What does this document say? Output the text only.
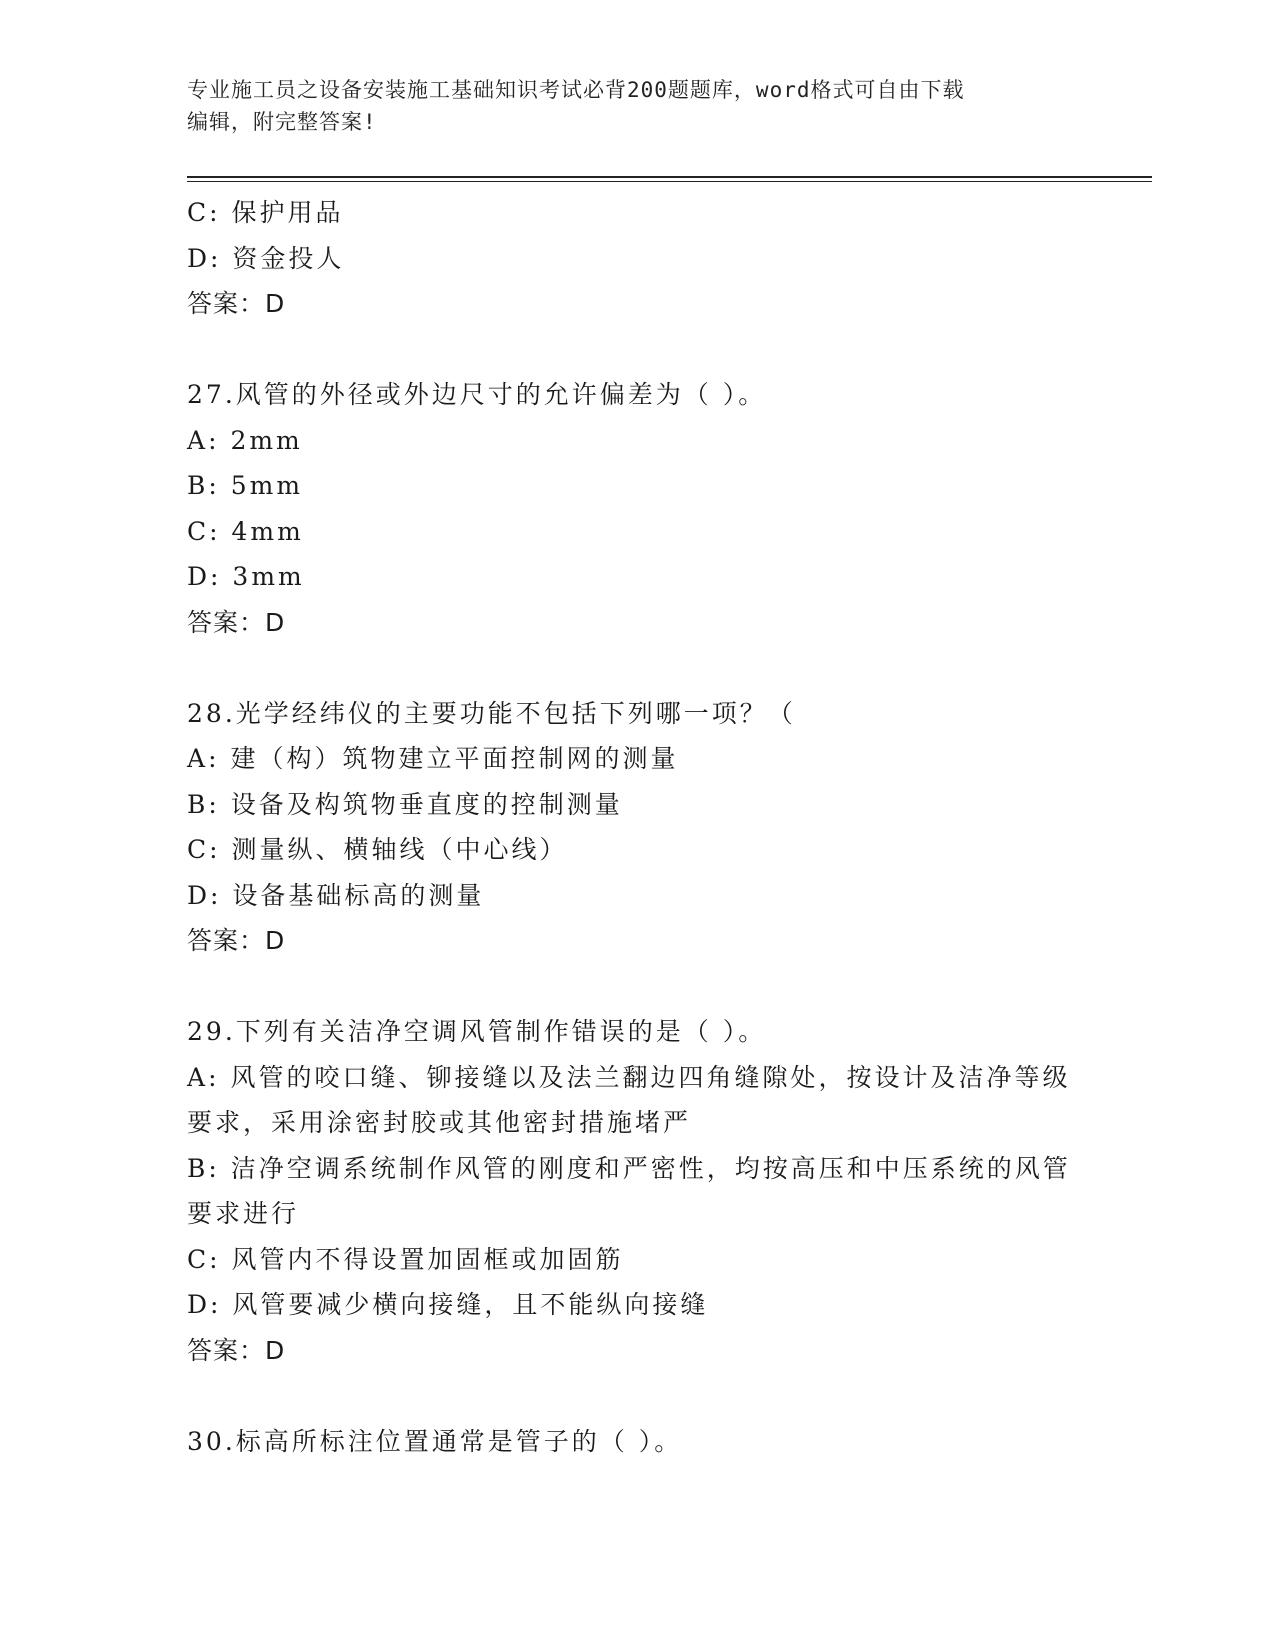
专业施工员之设备安装施工基础知识考试必背200题题库，word格式可自由下载
编辑，附完整答案!
C: 保护用品
D: 资金投人
答案：D
27.风管的外径或外边尺寸的允许偏差为（ ）。
A: 2mm
B: 5mm
C: 4mm
D: 3mm
答案：D
28.光学经纬仪的主要功能不包括下列哪一项？（
A: 建（构）筑物建立平面控制网的测量
B: 设备及构筑物垂直度的控制测量
C: 测量纵、横轴线（中心线）
D: 设备基础标高的测量
答案：D
29.下列有关洁净空调风管制作错误的是（ ）。
A: 风管的咬口缝、铆接缝以及法兰翻边四角缝隙处，按设计及洁净等级要求，采用涂密封胶或其他密封措施堵严
B: 洁净空调系统制作风管的刚度和严密性，均按高压和中压系统的风管要求进行
C: 风管内不得设置加固框或加固筋
D: 风管要减少横向接缝，且不能纵向接缝
答案：D
30.标高所标注位置通常是管子的（ ）。
